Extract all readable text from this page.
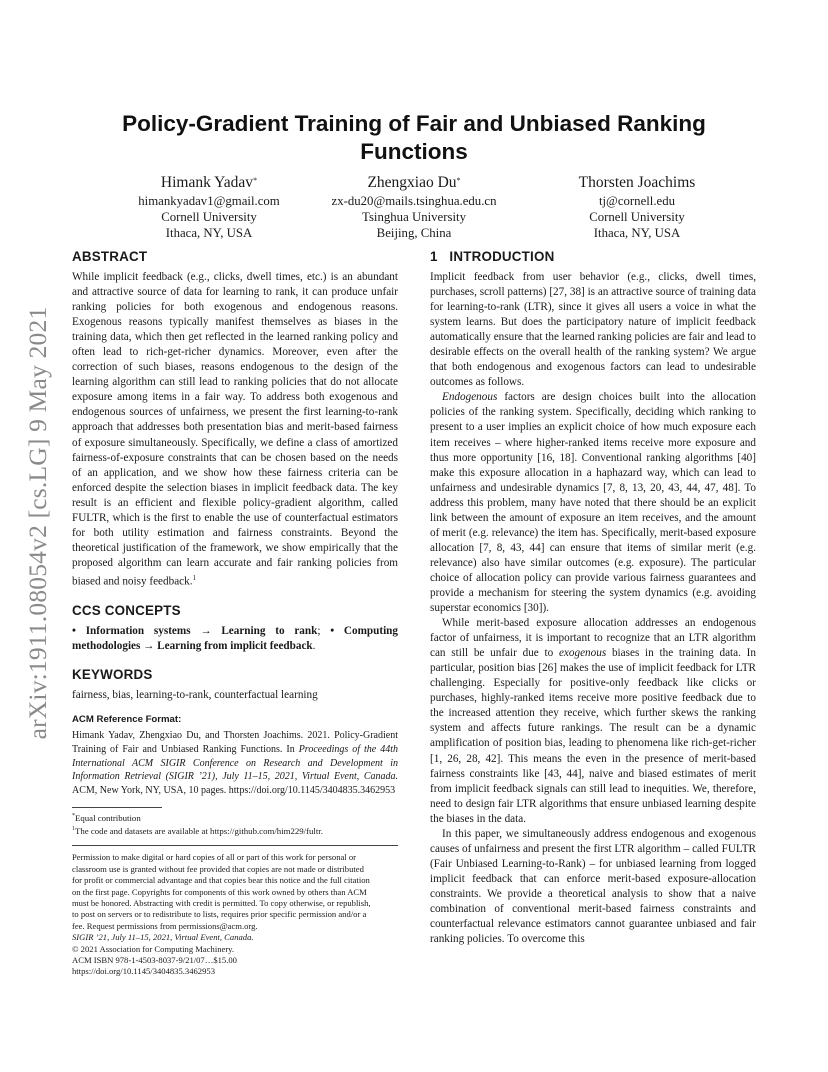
arXiv:1911.08054v2 [cs.LG] 9 May 2021
Policy-Gradient Training of Fair and Unbiased Ranking Functions
Himank Yadav*
himankyadav1@gmail.com
Cornell University
Ithaca, NY, USA
Zhengxiao Du*
zx-du20@mails.tsinghua.edu.cn
Tsinghua University
Beijing, China
Thorsten Joachims
tj@cornell.edu
Cornell University
Ithaca, NY, USA
ABSTRACT

While implicit feedback (e.g., clicks, dwell times, etc.) is an abundant and attractive source of data for learning to rank, it can produce unfair ranking policies for both exogenous and endogenous reasons. Exogenous reasons typically manifest themselves as biases in the training data, which then get reflected in the learned ranking policy and often lead to rich-get-richer dynamics. Moreover, even after the correction of such biases, reasons endogenous to the design of the learning algorithm can still lead to ranking policies that do not allocate exposure among items in a fair way. To address both exogenous and endogenous sources of unfairness, we present the first learning-to-rank approach that addresses both presentation bias and merit-based fairness of exposure simultaneously. Specifically, we define a class of amortized fairness-of-exposure constraints that can be chosen based on the needs of an application, and we show how these fairness criteria can be enforced despite the selection biases in implicit feedback data. The key result is an efficient and flexible policy-gradient algorithm, called FULTR, which is the first to enable the use of counterfactual estimators for both utility estimation and fairness constraints. Beyond the theoretical justification of the framework, we show empirically that the proposed algorithm can learn accurate and fair ranking policies from biased and noisy feedback.$^1$

CCS CONCEPTS

• Information systems → Learning to rank; • Computing methodologies → Learning from implicit feedback.

KEYWORDS

fairness, bias, learning-to-rank, counterfactual learning

ACM Reference Format:

Himank Yadav, Zhengxiao Du, and Thorsten Joachims. 2021. Policy-Gradient Training of Fair and Unbiased Ranking Functions. In Proceedings of the 44th International ACM SIGIR Conference on Research and Development in Information Retrieval (SIGIR ’21), July 11–15, 2021, Virtual Event, Canada. ACM, New York, NY, USA, 10 pages. https://doi.org/10.1145/3404835.3462953

*Equal contribution
$^1$The code and datasets are available at https://github.com/him229/fultr.
Permission to make digital or hard copies of all or part of this work for personal or
classroom use is granted without fee provided that copies are not made or distributed
for profit or commercial advantage and that copies bear this notice and the full citation
on the first page. Copyrights for components of this work owned by others than ACM
must be honored. Abstracting with credit is permitted. To copy otherwise, or republish,
to post on servers or to redistribute to lists, requires prior specific permission and/or a
fee. Request permissions from permissions@acm.org.
SIGIR ’21, July 11–15, 2021, Virtual Event, Canada.
© 2021 Association for Computing Machinery.
ACM ISBN 978-1-4503-8037-9/21/07…$15.00
https://doi.org/10.1145/3404835.3462953
1   INTRODUCTION

Implicit feedback from user behavior (e.g., clicks, dwell times, purchases, scroll patterns) [27, 38] is an attractive source of training data for learning-to-rank (LTR), since it gives all users a voice in what the system learns. But does the participatory nature of implicit feedback automatically ensure that the learned ranking policies are fair and lead to desirable effects on the overall health of the ranking system? We argue that both endogenous and exogenous factors can lead to undesirable outcomes as follows.

Endogenous factors are design choices built into the allocation policies of the ranking system. Specifically, deciding which ranking to present to a user implies an explicit choice of how much exposure each item receives – where higher-ranked items receive more exposure and thus more opportunity [16, 18]. Conventional ranking algorithms [40] make this exposure allocation in a haphazard way, which can lead to unfairness and undesirable dynamics [7, 8, 13, 20, 43, 44, 47, 48]. To address this problem, many have noted that there should be an explicit link between the amount of exposure an item receives, and the amount of merit (e.g. relevance) the item has. Specifically, merit-based exposure allocation [7, 8, 43, 44] can ensure that items of similar merit (e.g. relevance) also have similar outcomes (e.g. exposure). The particular choice of allocation policy can provide various fairness guarantees and provide a mechanism for steering the system dynamics (e.g. avoiding superstar economics [30]).

While merit-based exposure allocation addresses an endogenous factor of unfairness, it is important to recognize that an LTR algorithm can still be unfair due to exogenous biases in the training data. In particular, position bias [26] makes the use of implicit feedback for LTR challenging. Especially for positive-only feedback like clicks or purchases, highly-ranked items receive more positive feedback due to the increased attention they receive, which further skews the ranking system and affects future rankings. The result can be a dynamic amplification of position bias, leading to phenomena like rich-get-richer [1, 26, 28, 42]. This means the even in the presence of merit-based fairness constraints like [43, 44], naive and biased estimates of merit from implicit feedback signals can still lead to inequities. We, therefore, need to design fair LTR algorithms that ensure unbiased learning despite the biases in the data.

In this paper, we simultaneously address endogenous and exogenous causes of unfairness and present the first LTR algorithm – called FULTR (Fair Unbiased Learning-to-Rank) – for unbiased learning from logged implicit feedback that can enforce merit-based exposure-allocation constraints. We provide a theoretical analysis to show that a naive combination of conventional merit-based fairness constraints and counterfactual relevance estimators cannot guarantee unbiased and fair ranking policies. To overcome this
